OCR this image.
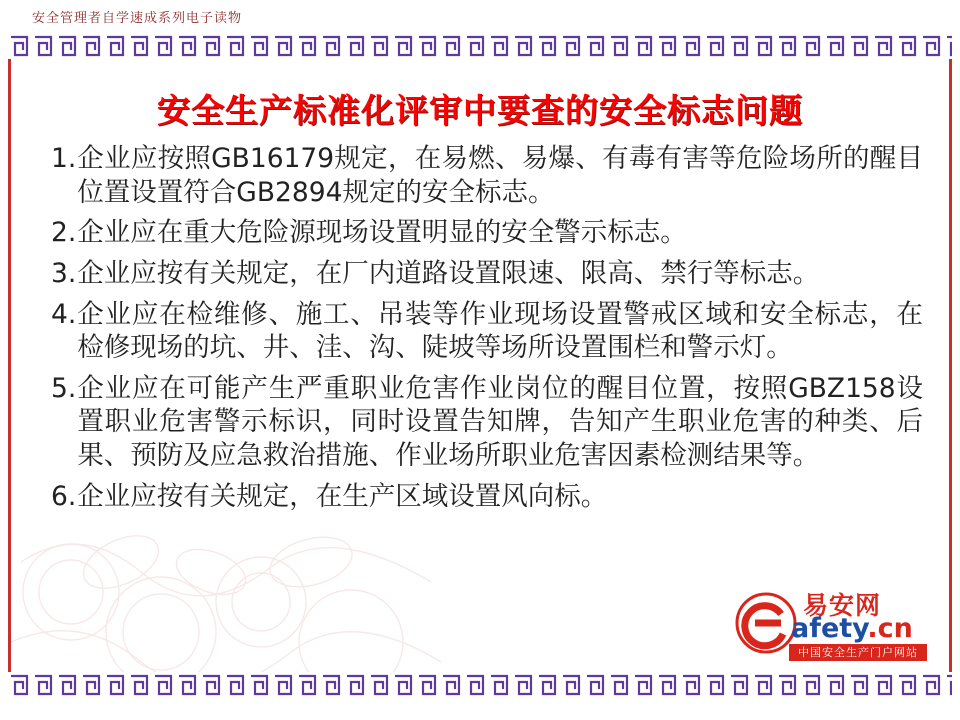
安全管理者自学速成系列电子读物
安全生产标准化评审中要查的安全标志问题
1. 企业应按照GB16179规定，在易燃、易爆、有毒有害等危险场所的醒目位置设置符合GB2894规定的安全标志。
2. 企业应在重大危险源现场设置明显的安全警示标志。
3. 企业应按有关规定，在厂内道路设置限速、限高、禁行等标志。
4. 企业应在检维修、施工、吊装等作业现场设置警戒区域和安全标志，在检修现场的坑、井、洼、沟、陡坡等场所设置围栏和警示灯。
5. 企业应在可能产生严重职业危害作业岗位的醒目位置，按照GBZ158设置职业危害警示标识，同时设置告知牌，告知产生职业危害的种类、后果、预防及应急救治措施、作业场所职业危害因素检测结果等。
6. 企业应按有关规定，在生产区域设置风向标。
易安网
afety.cn
中国安全生产门户网站
